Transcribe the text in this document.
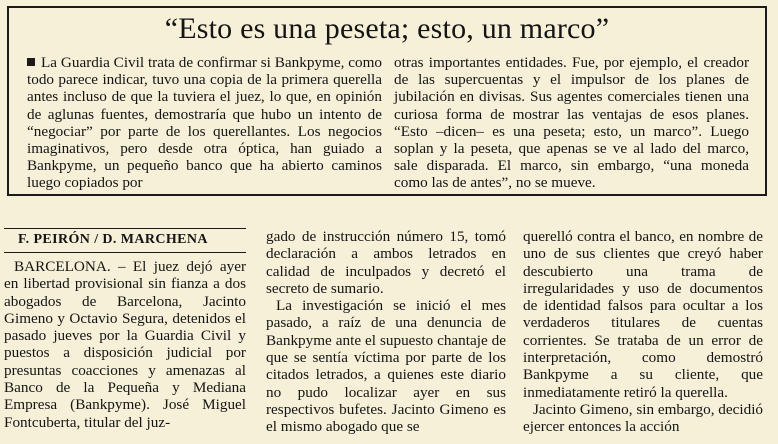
“Esto es una peseta; esto, un marco”

La Guardia Civil trata de confirmar si Bankpyme, como todo parece indicar, tuvo una copia de la primera querella antes incluso de que la tuviera el juez, lo que, en opinión de aglunas fuentes, demostraría que hubo un intento de “negociar” por parte de los querellantes. Los negocios imaginativos, pero desde otra óptica, han guiado a Bankpyme, un pequeño banco que ha abierto caminos luego copiados por

otras importantes entidades. Fue, por ejemplo, el creador de las supercuentas y el impulsor de los planes de jubilación en divisas. Sus agentes comerciales tienen una curiosa forma de mostrar las ventajas de esos planes. “Esto –dicen– es una peseta; esto, un marco”. Luego soplan y la peseta, que apenas se ve al lado del marco, sale disparada. El marco, sin embargo, “una moneda como las de antes”, no se mueve.

F. PEIRÓN / D. MARCHENA

BARCELONA. – El juez dejó ayer en libertad provisional sin fianza a dos abogados de Barcelona, Jacinto Gimeno y Octavio Segura, detenidos el pasado jueves por la Guardia Civil y puestos a disposición judicial por presuntas coacciones y amenazas al Banco de la Pequeña y Mediana Empresa (Bankpyme). José Miguel Fontcuberta, titular del juz-

gado de instrucción número 15, tomó declaración a ambos letrados en calidad de inculpados y decretó el secreto de sumario.

La investigación se inició el mes pasado, a raíz de una denuncia de Bankpyme ante el supuesto chantaje de que se sentía víctima por parte de los citados letrados, a quienes este diario no pudo localizar ayer en sus respectivos bufetes. Jacinto Gimeno es el mismo abogado que se

querelló contra el banco, en nombre de uno de sus clientes que creyó haber descubierto una trama de irregularidades y uso de documentos de identidad falsos para ocultar a los verdaderos titulares de cuentas corrientes. Se trataba de un error de interpretación, como demostró Bankpyme a su cliente, que inmediatamente retiró la querella.

Jacinto Gimeno, sin embargo, decidió ejercer entonces la acción
